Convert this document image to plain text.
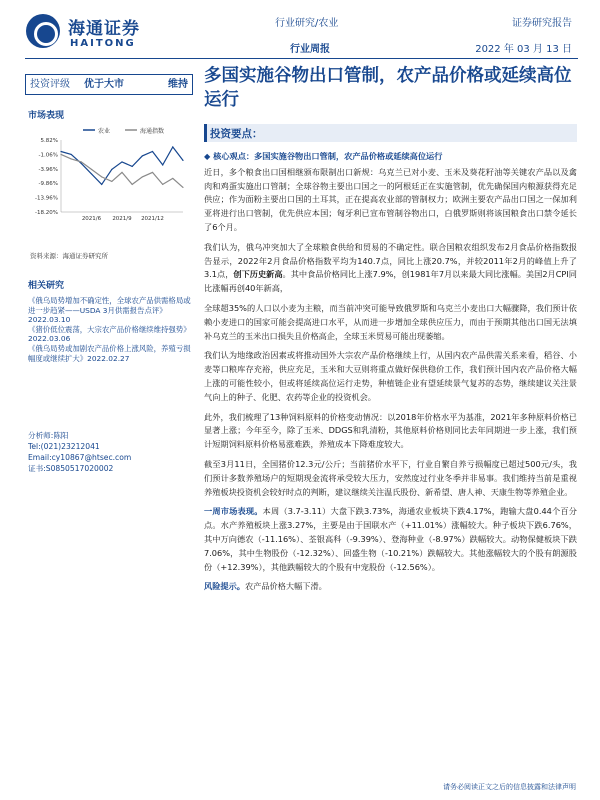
海通证券
HAITONG
行业研究/农业
行业周报
证券研究报告
2022 年 03 月 13 日
投资评级	优于大市	维持
市场表现
农业	海通指数
5.82%
-1.06%
-3.96%
-9.86%
-13.96%
-18.20%
2021/6 2021/9 2021/12
资料来源：海通证券研究所
相关研究
《俄乌局势增加不确定性，全球农产品供需格局或进一步趋紧——USDA 3月供需报告点评》2022.03.10
《猪价低位震荡，大宗农产品价格继续维持强势》2022.03.06
《俄乌局势或加剧农产品价格上涨风险，养殖亏损幅度或继续扩大》2022.02.27
分析师:陈阳
Tel:(021)23212041
Email:cy10867@htsec.com
证书:S0850517020002
多国实施谷物出口管制，农产品价格或延续高位运行
投资要点：

◆ 核心观点：多国实施谷物出口管制，农产品价格或延续高位运行

近日，多个粮食出口国相继颁布限制出口新规：乌克兰已对小麦、玉米及葵花籽油等关键农产品以及禽肉和鸡蛋实施出口管制；全球谷物主要出口国之一的阿根廷正在实施管制，优先确保国内粮源获得充足供应；作为面粉主要出口国的土耳其，正在提高农业部的管制权力；欧洲主要农产品出口国之一保加利亚将进行出口管制，优先供应本国；匈牙利已宣布管制谷物出口，白俄罗斯则将该国粮食出口禁令延长了6个月。

我们认为，俄乌冲突加大了全球粮食供给和贸易的不确定性。联合国粮农组织发布2月食品价格指数报告显示，2022年2月食品价格指数平均为140.7点，同比上涨20.7%，并较2011年2月的峰值上升了3.1点，创下历史新高。其中食品价格同比上涨7.9%，创1981年7月以来最大同比涨幅。美国2月CPI同比涨幅再创40年新高，

全球超35%的人口以小麦为主粮，而当前冲突可能导致俄罗斯和乌克兰小麦出口大幅骤降，我们预计依赖小麦进口的国家可能会提高进口水平，从而进一步增加全球供应压力，而由于预期其他出口国无法填补乌克兰的玉米出口损失且价格高企，全球玉米贸易可能出现萎缩。

我们认为地缘政治因素或将推动国外大宗农产品价格继续上行，从国内农产品供需关系来看，稻谷、小麦等口粮库存充裕，供应充足，玉米和大豆则将重点做好保供稳价工作，我们预计国内农产品价格大幅上涨的可能性较小，但或将延续高位运行走势，种植链企业有望延续景气复苏的态势，继续建议关注景气向上的种子、化肥、农药等企业的投资机会。

此外，我们梳理了13种饲料原料的价格变动情况：以2018年价格水平为基准，2021年多种原料价格已显著上涨；今年至今，除了玉米、DDGS和乳清粉，其他原料价格则同比去年同期进一步上涨，我们预计短期饲料原料价格易涨难跌，养殖成本下降难度较大。

截至3月11日，全国猪价12.3元/公斤；当前猪价水平下，行业自繁自养亏损幅度已超过500元/头，我们预计多数养殖场户的短期现金流将承受较大压力，安然度过行业冬季并非易事。我们维持当前是重视养殖板块投资机会较好时点的判断，建议继续关注温氏股份、新希望、唐人神、天康生物等养殖企业。

一周市场表现。本周（3.7-3.11）大盘下跌3.73%，海通农业板块下跌4.17%，跑输大盘0.44个百分点。水产养殖板块上涨3.27%，主要是由于国联水产（+11.01%）涨幅较大。种子板块下跌6.76%，其中万向德农（-11.16%）、荃银高科（-9.39%）、登海种业（-8.97%）跌幅较大。动物保健板块下跌7.06%，其中生物股份（-12.32%）、回盛生物（-10.21%）跌幅较大。其他涨幅较大的个股有朗源股份（+12.39%），其他跌幅较大的个股有中宠股份（-12.56%）。

风险提示。农产品价格大幅下滑。

请务必阅读正文之后的信息披露和法律声明
